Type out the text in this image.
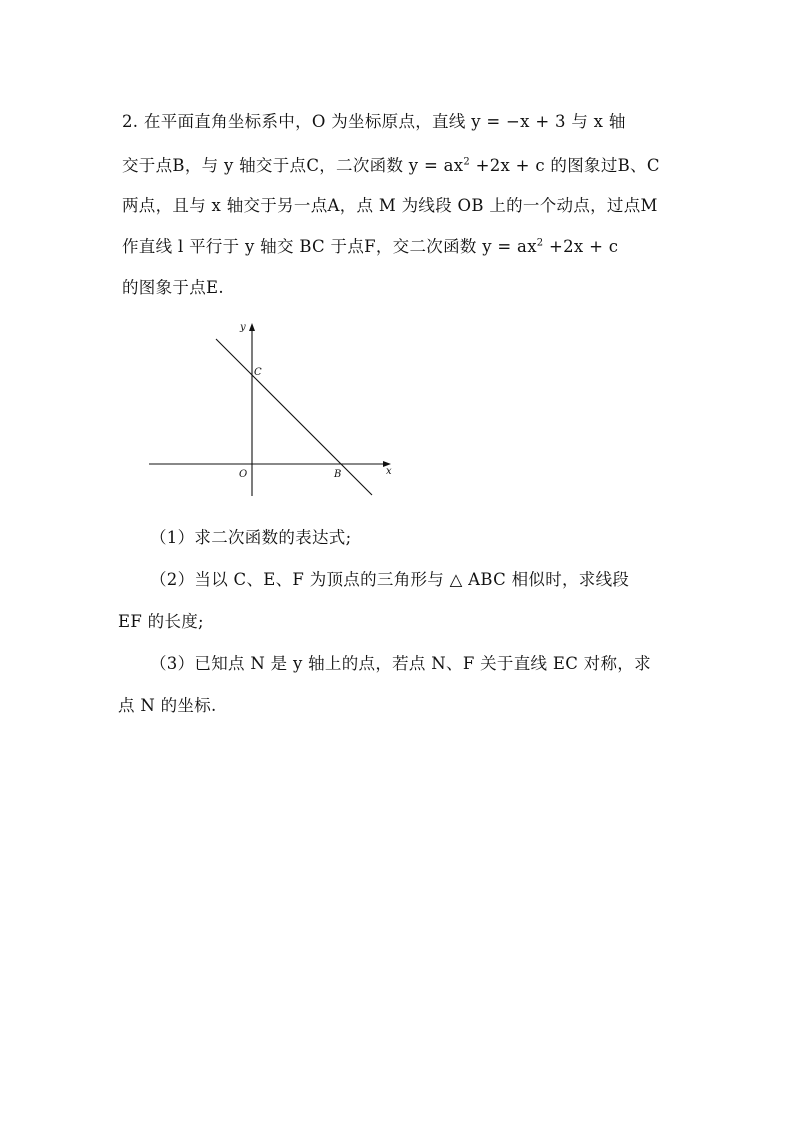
2. 在平面直角坐标系中，O 为坐标原点，直线 y = −x + 3 与 x 轴
交于点B，与 y 轴交于点C，二次函数 $y = ax^2 +2x + c$ 的图象过B、C
两点，且与 x 轴交于另一点A，点 M 为线段 OB 上的一个动点，过点M
作直线 l 平行于 y 轴交 BC 于点F，交二次函数 $y = ax^2 +2x + c$
的图象于点E.
y
x
C
O	B
（1）求二次函数的表达式;
（2）当以 C、E、F 为顶点的三角形与 △ ABC 相似时，求线段
EF 的长度;
（3）已知点 N 是 y 轴上的点，若点 N、F 关于直线 EC 对称，求
点 N 的坐标.
